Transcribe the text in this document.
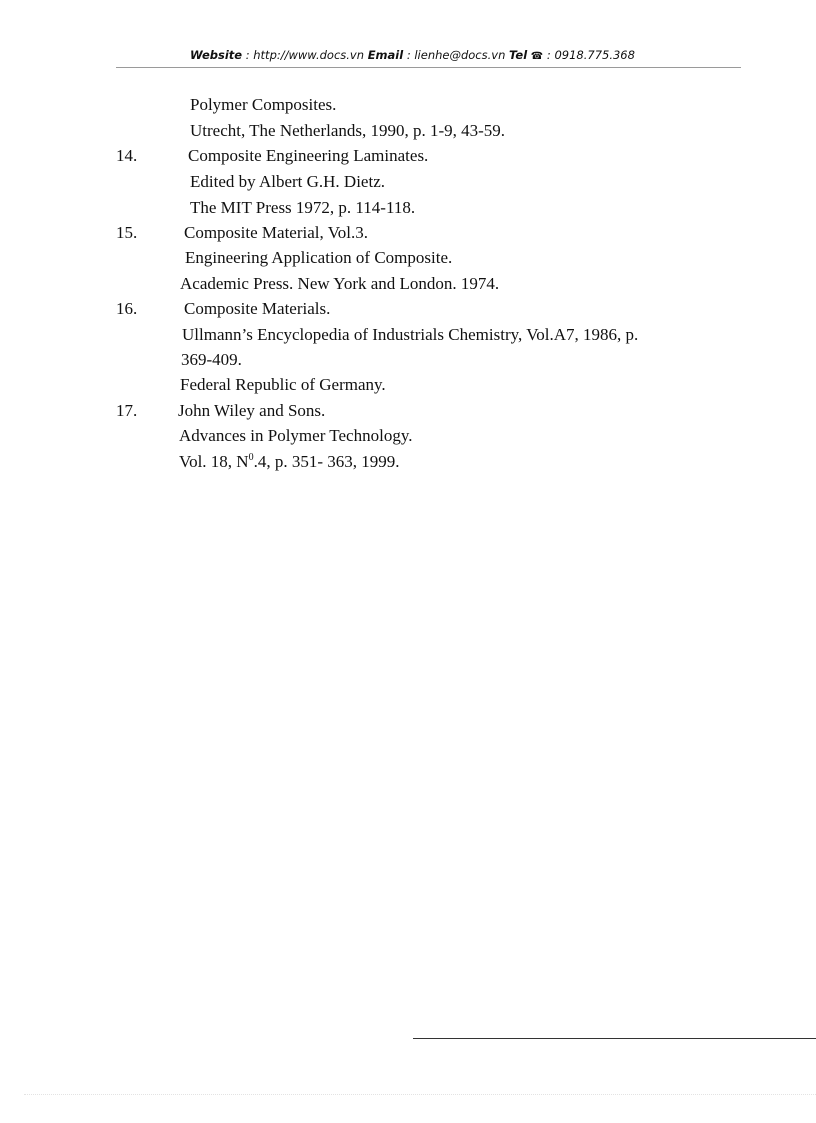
Website : http://www.docs.vn Email : lienhe@docs.vn Tel ☎ : 0918.775.368
Polymer Composites.
Utrecht, The Netherlands, 1990, p. 1-9, 43-59.
14.	Composite Engineering Laminates.
Edited by Albert G.H. Dietz.
The MIT Press 1972, p. 114-118.
15.	Composite Material, Vol.3.
Engineering Application of Composite.
Academic Press. New York and London. 1974.
16.	Composite Materials.
Ullmann’s Encyclopedia of Industrials Chemistry, Vol.A7, 1986, p.
369-409.
Federal Republic of Germany.
17. John Wiley and Sons.
Advances in Polymer Technology.
Vol. 18, $N^0.4$, p. 351- 363, 1999.
